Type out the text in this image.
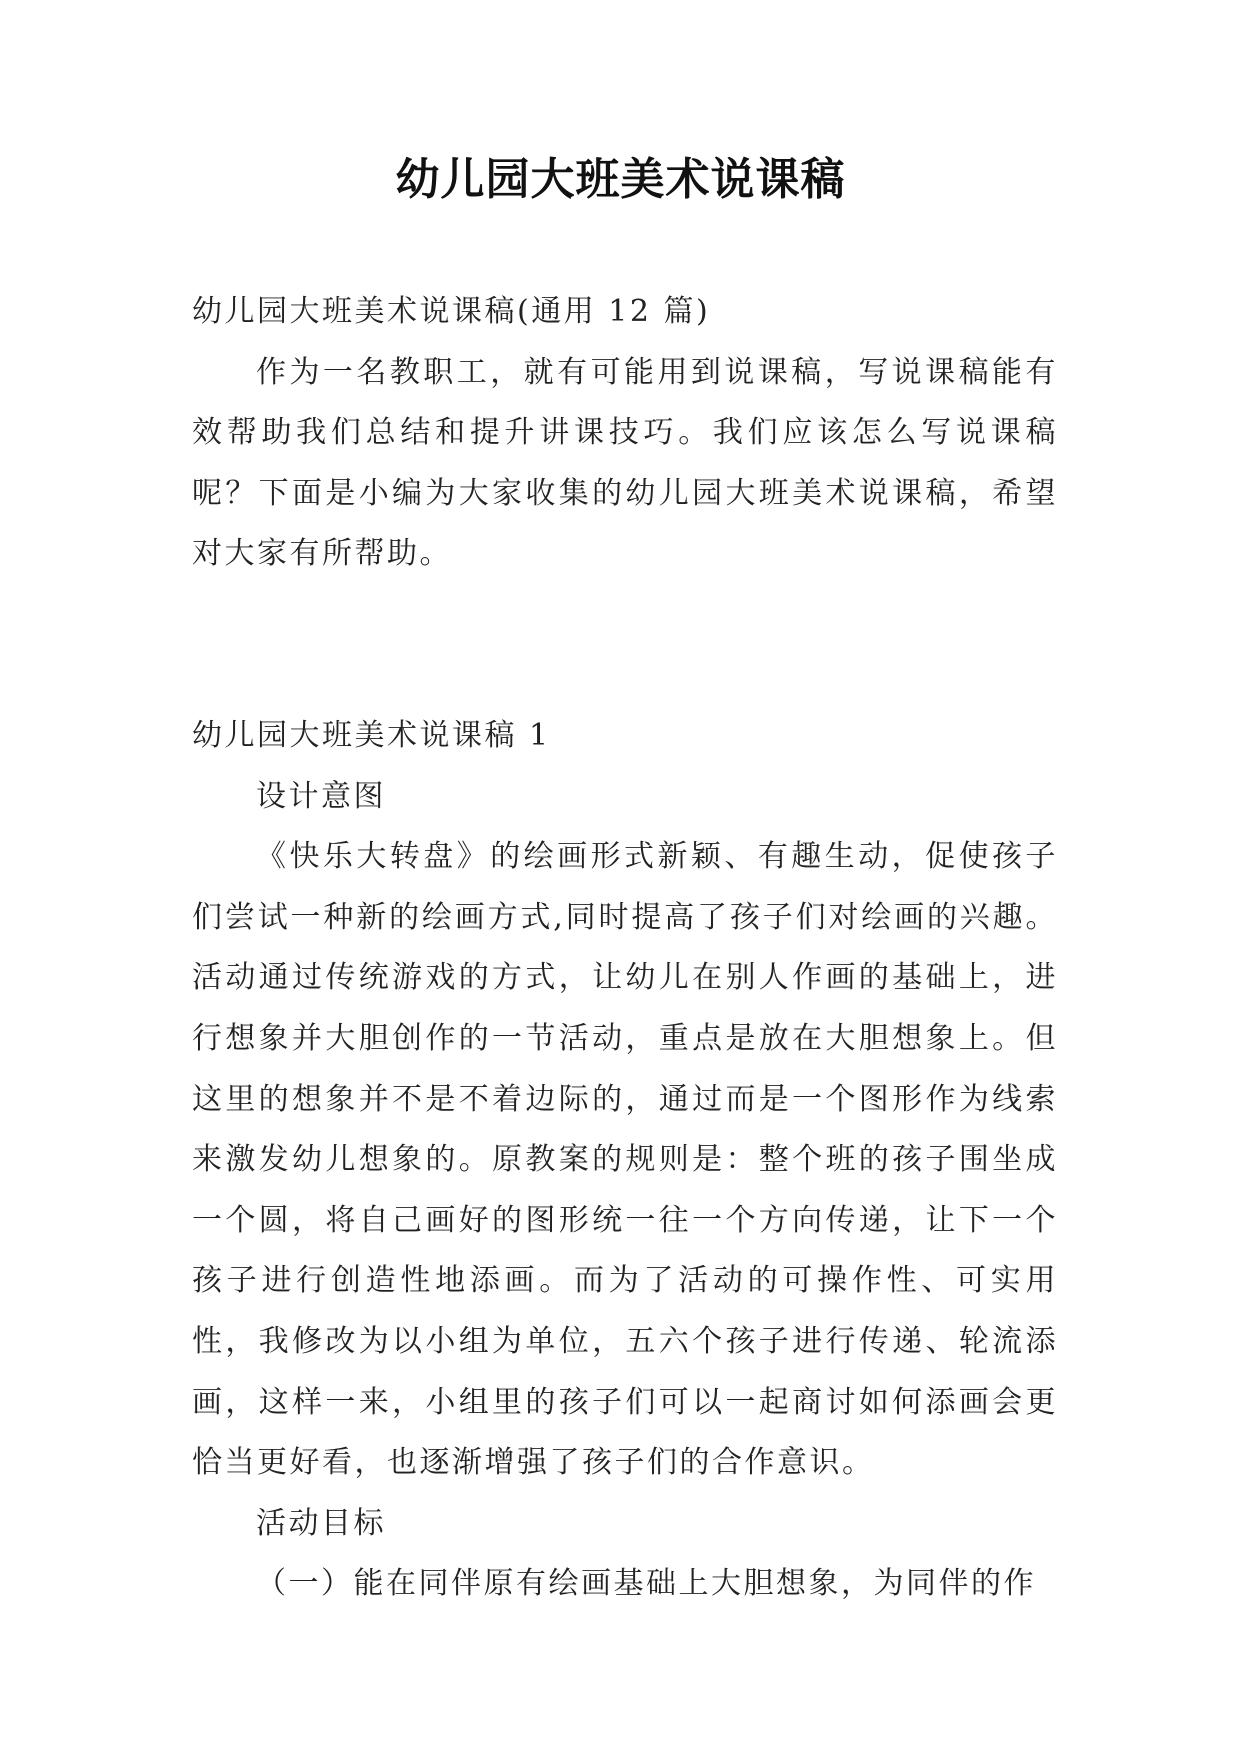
幼儿园大班美术说课稿

幼儿园大班美术说课稿(通用 12 篇)

作为一名教职工，就有可能用到说课稿，写说课稿能有效帮助我们总结和提升讲课技巧。我们应该怎么写说课稿呢？下面是小编为大家收集的幼儿园大班美术说课稿，希望对大家有所帮助。

幼儿园大班美术说课稿 1

设计意图

《快乐大转盘》的绘画形式新颖、有趣生动，促使孩子们尝试一种新的绘画方式,同时提高了孩子们对绘画的兴趣。活动通过传统游戏的方式，让幼儿在别人作画的基础上，进行想象并大胆创作的一节活动，重点是放在大胆想象上。但这里的想象并不是不着边际的，通过而是一个图形作为线索来激发幼儿想象的。原教案的规则是：整个班的孩子围坐成一个圆，将自己画好的图形统一往一个方向传递，让下一个孩子进行创造性地添画。而为了活动的可操作性、可实用性，我修改为以小组为单位，五六个孩子进行传递、轮流添画，这样一来，小组里的孩子们可以一起商讨如何添画会更恰当更好看，也逐渐增强了孩子们的合作意识。

活动目标

（一）能在同伴原有绘画基础上大胆想象，为同伴的作
